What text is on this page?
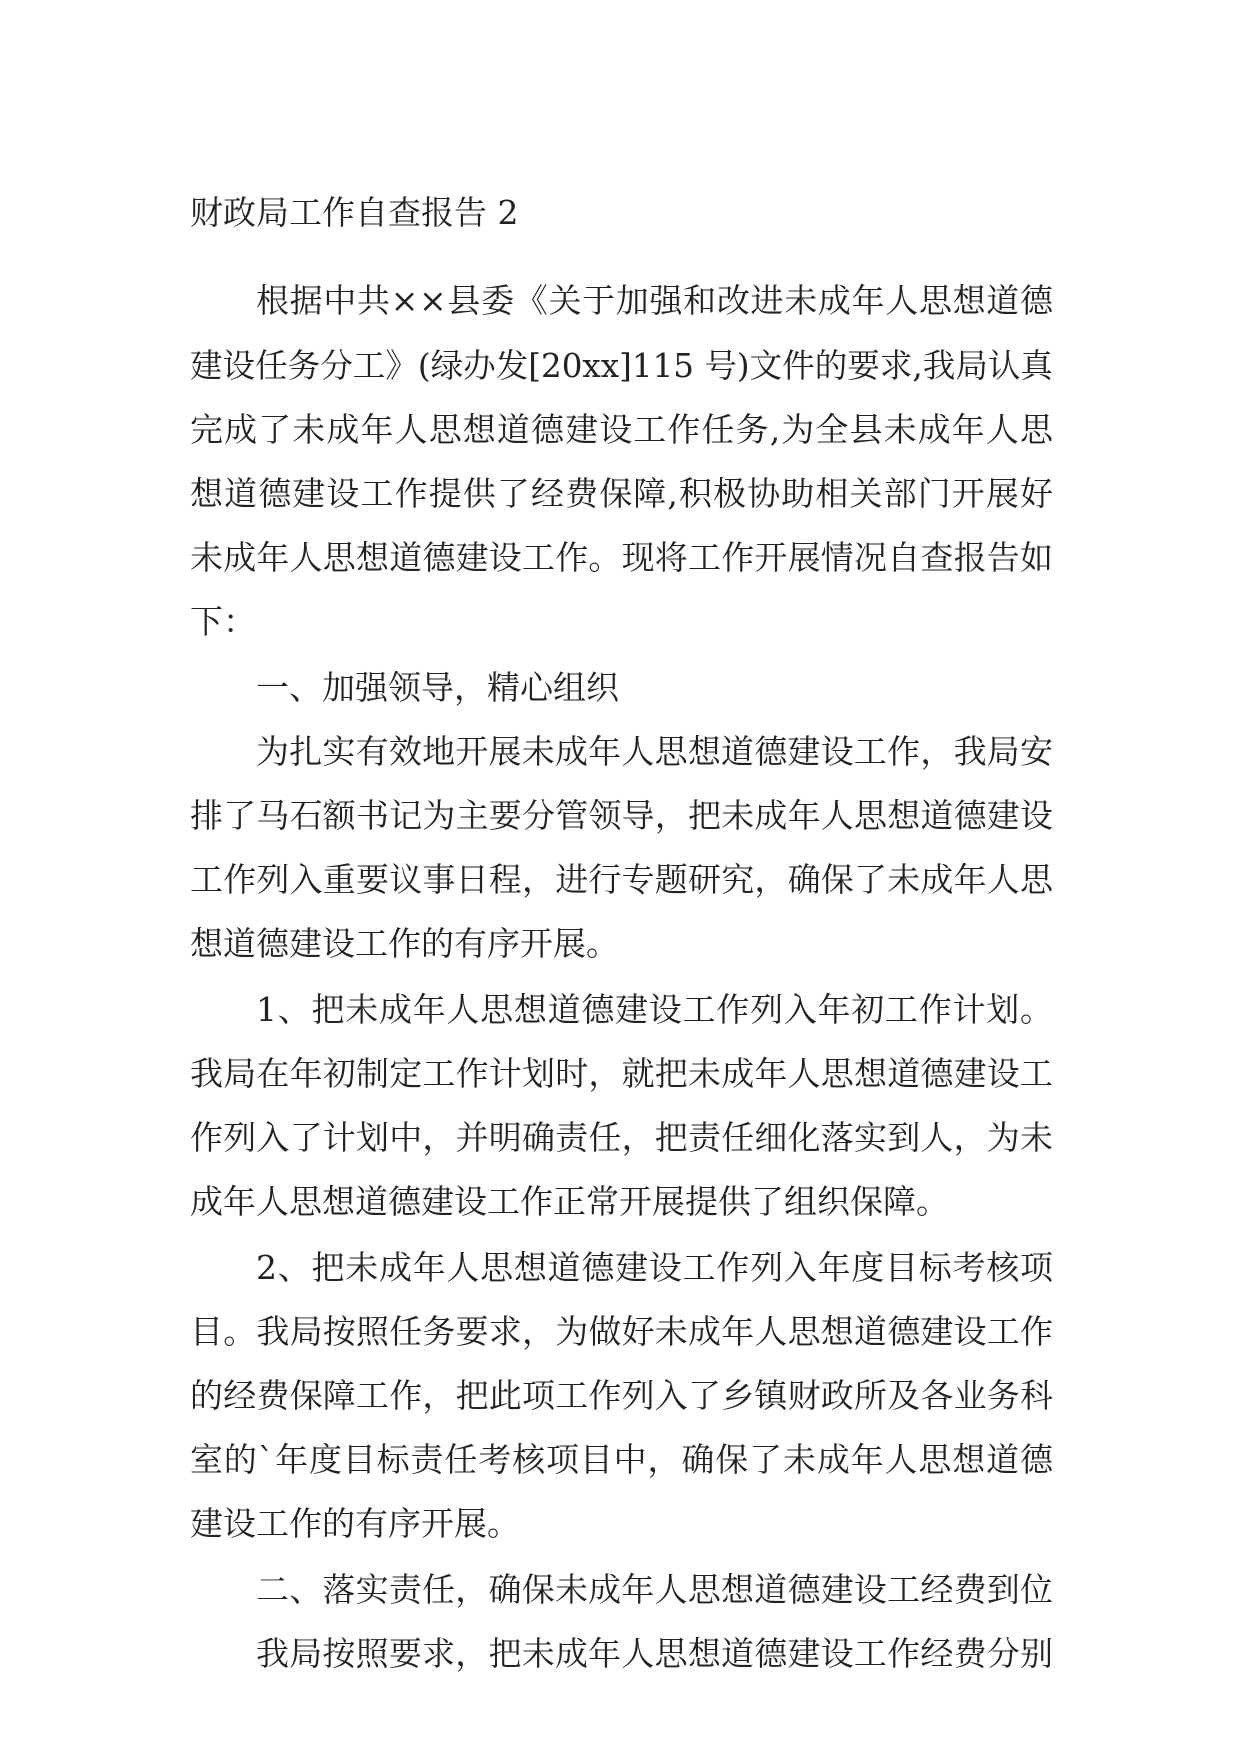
财政局工作自查报告 2
根据中共××县委《关于加强和改进未成年人思想道德
建设任务分工》(绿办发[20xx]115 号)文件的要求,我局认真
完成了未成年人思想道德建设工作任务,为全县未成年人思
想道德建设工作提供了经费保障,积极协助相关部门开展好
未成年人思想道德建设工作。现将工作开展情况自查报告如
下：
一、加强领导，精心组织
为扎实有效地开展未成年人思想道德建设工作，我局安
排了马石额书记为主要分管领导，把未成年人思想道德建设
工作列入重要议事日程，进行专题研究，确保了未成年人思
想道德建设工作的有序开展。
1、把未成年人思想道德建设工作列入年初工作计划。
我局在年初制定工作计划时，就把未成年人思想道德建设工
作列入了计划中，并明确责任，把责任细化落实到人，为未
成年人思想道德建设工作正常开展提供了组织保障。
2、把未成年人思想道德建设工作列入年度目标考核项
目。我局按照任务要求，为做好未成年人思想道德建设工作
的经费保障工作，把此项工作列入了乡镇财政所及各业务科
室的`年度目标责任考核项目中，确保了未成年人思想道德
建设工作的有序开展。
二、落实责任，确保未成年人思想道德建设工经费到位
我局按照要求，把未成年人思想道德建设工作经费分别
